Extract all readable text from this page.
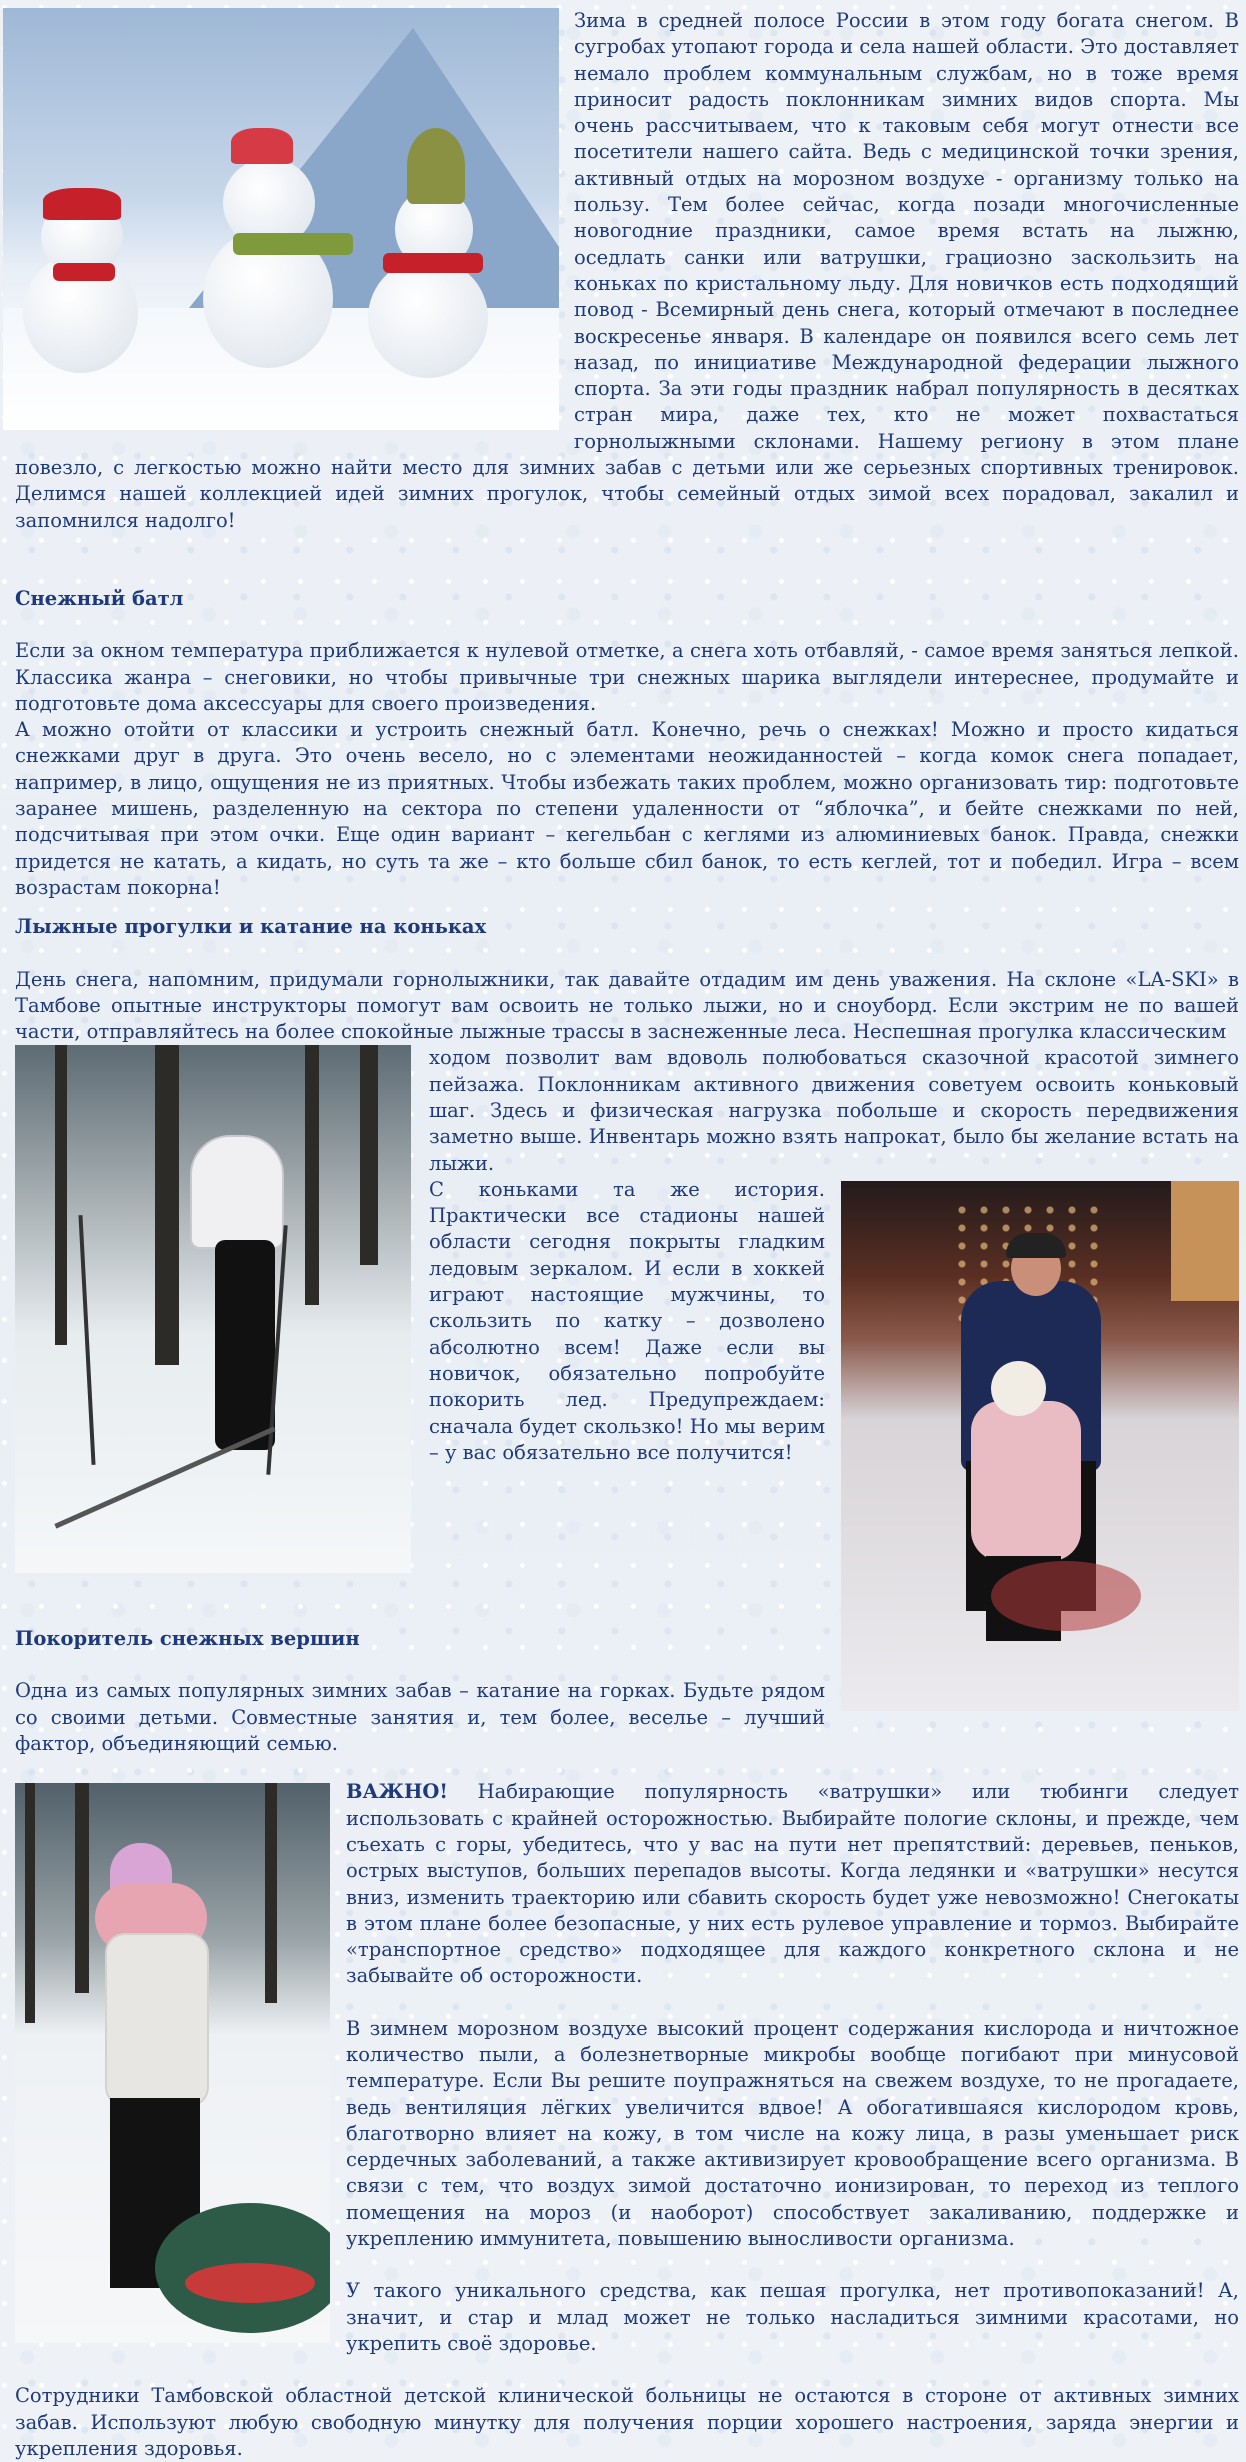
Зима в средней полосе России в этом году богата снегом. В сугробах утопают города и села нашей области. Это доставляет немало проблем коммунальным службам, но в тоже время приносит радость поклонникам зимних видов спорта. Мы очень рассчитываем, что к таковым себя могут отнести все посетители нашего сайта. Ведь с медицинской точки зрения, активный отдых на морозном воздухе - организму только на пользу. Тем более сейчас, когда позади многочисленные новогодние праздники, самое время встать на лыжню, оседлать санки или ватрушки, грациозно заскользить на коньках по кристальному льду. Для новичков есть подходящий повод - Всемирный день снега, который отмечают в последнее воскресенье января. В календаре он появился всего семь лет назад, по инициативе Международной федерации лыжного спорта. За эти годы праздник набрал популярность в десятках стран мира, даже тех, кто не может похвастаться горнолыжными склонами. Нашему региону в этом плане повезло, с легкостью можно найти место для зимних забав с детьми или же серьезных спортивных тренировок. Делимся нашей коллекцией идей зимних прогулок, чтобы семейный отдых зимой всех порадовал, закалил и запомнился надолго!

Снежный батл

Если за окном температура приближается к нулевой отметке, а снега хоть отбавляй, - самое время заняться лепкой. Классика жанра – снеговики, но чтобы привычные три снежных шарика выглядели интереснее, продумайте и подготовьте дома аксессуары для своего произведения.

А можно отойти от классики и устроить снежный батл. Конечно, речь о снежках! Можно и просто кидаться снежками друг в друга. Это очень весело, но с элементами неожиданностей – когда комок снега попадает, например, в лицо, ощущения не из приятных. Чтобы избежать таких проблем, можно организовать тир: подготовьте заранее мишень, разделенную на сектора по степени удаленности от “яблочка”, и бейте снежками по ней, подсчитывая при этом очки. Еще один вариант – кегельбан с кеглями из алюминиевых банок. Правда, снежки придется не катать, а кидать, но суть та же – кто больше сбил банок, то есть кеглей, тот и победил. Игра – всем возрастам покорна!

Лыжные прогулки и катание на коньках

День снега, напомним, придумали горнолыжники, так давайте отдадим им день уважения. На склоне «LA-SKI» в Тамбове опытные инструкторы помогут вам освоить не только лыжи, но и сноуборд. Если экстрим не по вашей части, отправляйтесь на более спокойные лыжные трассы в заснеженные леса. Неспешная прогулка классическим

ходом позволит вам вдоволь полюбоваться сказочной красотой зимнего пейзажа. Поклонникам активного движения советуем освоить коньковый шаг. Здесь и физическая нагрузка побольше и скорость передвижения заметно выше. Инвентарь можно взять напрокат, было бы желание встать на лыжи.

С коньками та же история. Практически все стадионы нашей области сегодня покрыты гладким ледовым зеркалом. И если в хоккей играют настоящие мужчины, то скользить по катку – дозволено абсолютно всем! Даже если вы новичок, обязательно попробуйте покорить лед. Предупреждаем: сначала будет скользко! Но мы верим – у вас обязательно все получится!

Покоритель снежных вершин

Одна из самых популярных зимних забав – катание на горках. Будьте рядом со своими детьми. Совместные занятия и, тем более, веселье – лучший фактор, объединяющий семью.

ВАЖНО! Набирающие популярность «ватрушки» или тюбинги следует использовать с крайней осторожностью. Выбирайте пологие склоны, и прежде, чем съехать с горы, убедитесь, что у вас на пути нет препятствий: деревьев, пеньков, острых выступов, больших перепадов высоты. Когда ледянки и «ватрушки» несутся вниз, изменить траекторию или сбавить скорость будет уже невозможно! Снегокаты в этом плане более безопасные, у них есть рулевое управление и тормоз. Выбирайте «транспортное средство» подходящее для каждого конкретного склона и не забывайте об осторожности.

В зимнем морозном воздухе высокий процент содержания кислорода и ничтожное количество пыли, а болезнетворные микробы вообще погибают при минусовой температуре. Если Вы решите поупражняться на свежем воздухе, то не прогадаете, ведь вентиляция лёгких увеличится вдвое! А обогатившаяся кислородом кровь, благотворно влияет на кожу, в том числе на кожу лица, в разы уменьшает риск сердечных заболеваний, а также активизирует кровообращение всего организма. В связи с тем, что воздух зимой достаточно ионизирован, то переход из теплого помещения на мороз (и наоборот) способствует закаливанию, поддержке и укреплению иммунитета, повышению выносливости организма.

У такого уникального средства, как пешая прогулка, нет противопоказаний! А, значит, и стар и млад может не только насладиться зимними красотами, но укрепить своё здоровье.

Сотрудники Тамбовской областной детской клинической больницы не остаются в стороне от активных зимних забав. Используют любую свободную минутку для получения порции хорошего настроения, заряда энергии и укрепления здоровья.
